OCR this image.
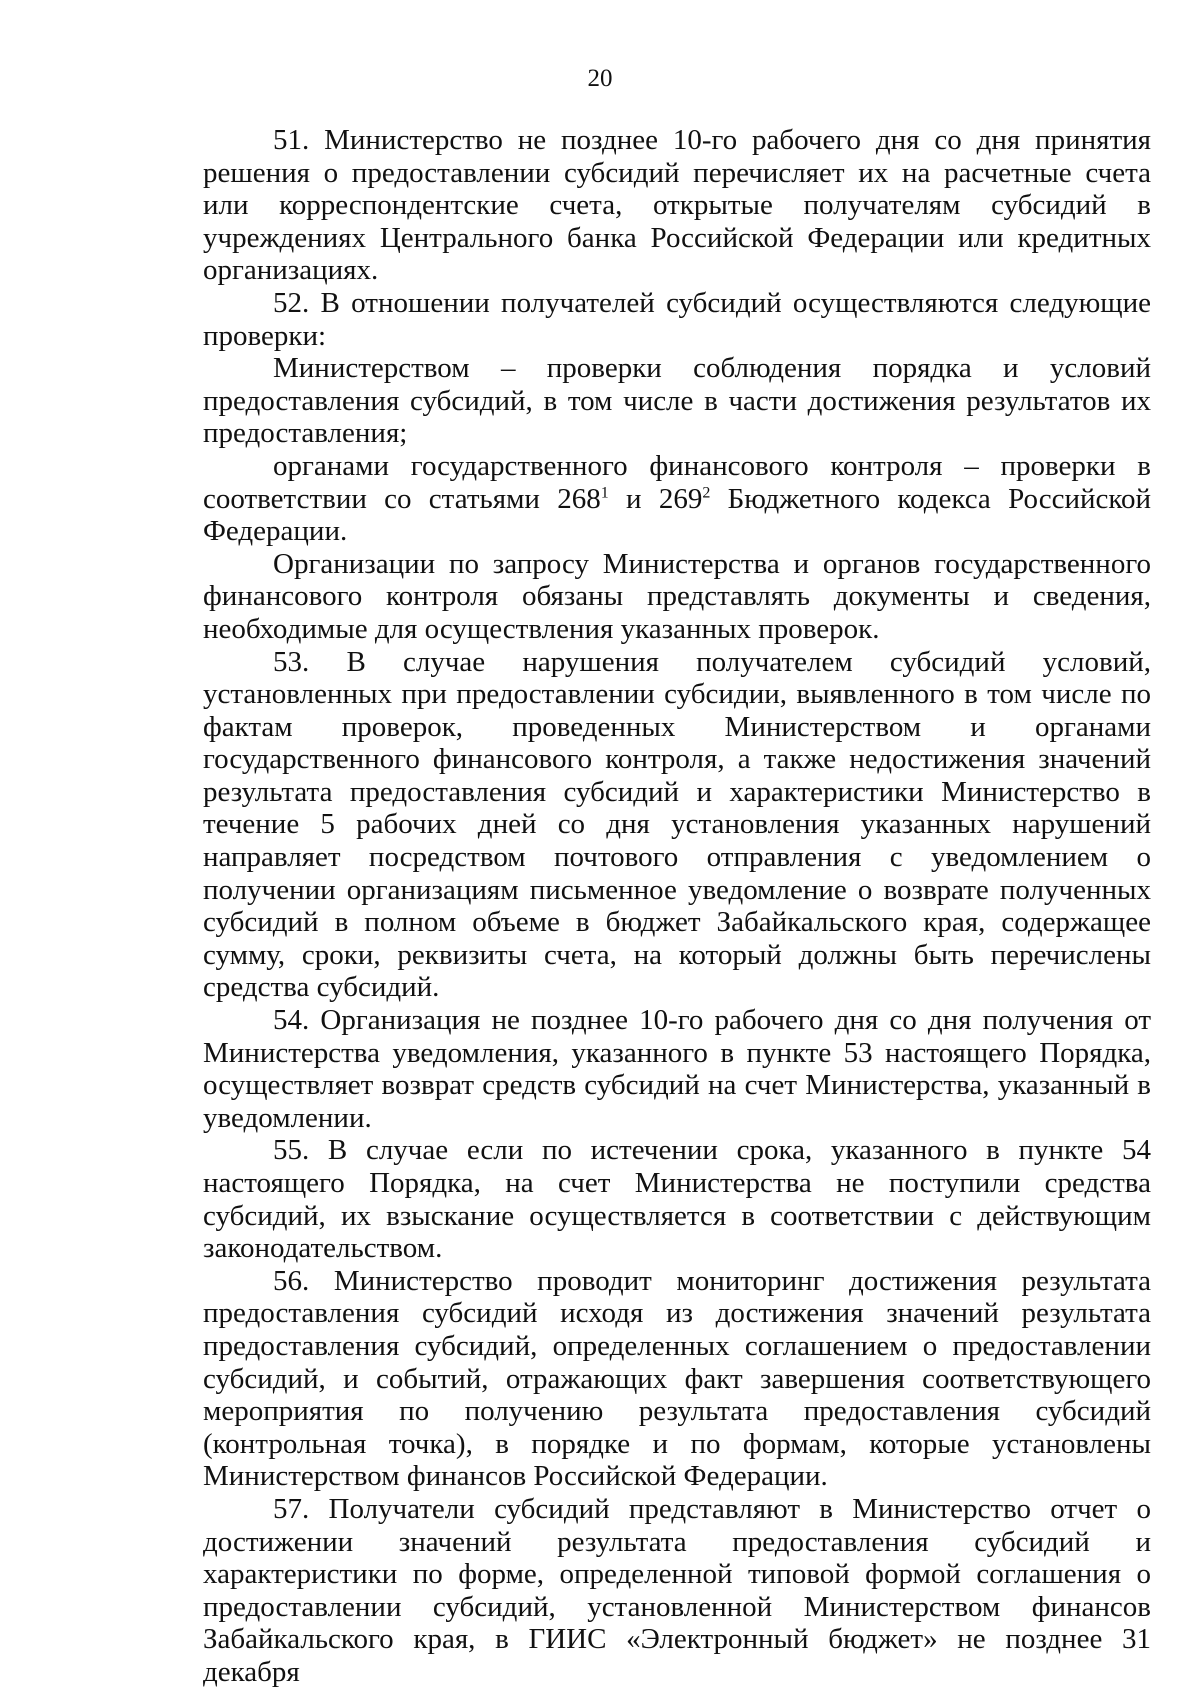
20

51. Министерство не позднее 10-го рабочего дня со дня принятия решения о предоставлении субсидий перечисляет их на расчетные счета или корреспондентские счета, открытые получателям субсидий в учреждениях Центрального банка Российской Федерации или кредитных организациях.

52. В отношении получателей субсидий осуществляются следующие проверки:

Министерством – проверки соблюдения порядка и условий предоставления субсидий, в том числе в части достижения результатов их предоставления;

органами государственного финансового контроля – проверки в соответствии со статьями $268^1$ и $269^2$ Бюджетного кодекса Российской Федерации.

Организации по запросу Министерства и органов государственного финансового контроля обязаны представлять документы и сведения, необходимые для осуществления указанных проверок.

53. В случае нарушения получателем субсидий условий, установленных при предоставлении субсидии, выявленного в том числе по фактам проверок, проведенных Министерством и органами государственного финансового контроля, а также недостижения значений результата предоставления субсидий и характеристики Министерство в течение 5 рабочих дней со дня установления указанных нарушений направляет посредством почтового отправления с уведомлением о получении организациям письменное уведомление о возврате полученных субсидий в полном объеме в бюджет Забайкальского края, содержащее сумму, сроки, реквизиты счета, на который должны быть перечислены средства субсидий.

54. Организация не позднее 10-го рабочего дня со дня получения от Министерства уведомления, указанного в пункте 53 настоящего Порядка, осуществляет возврат средств субсидий на счет Министерства, указанный в уведомлении.

55. В случае если по истечении срока, указанного в пункте 54 настоящего Порядка, на счет Министерства не поступили средства субсидий, их взыскание осуществляется в соответствии с действующим законодательством.

56. Министерство проводит мониторинг достижения результата предоставления субсидий исходя из достижения значений результата предоставления субсидий, определенных соглашением о предоставлении субсидий, и событий, отражающих факт завершения соответствующего мероприятия по получению результата предоставления субсидий (контрольная точка), в порядке и по формам, которые установлены Министерством финансов Российской Федерации.

57. Получатели субсидий представляют в Министерство отчет о достижении значений результата предоставления субсидий и характеристики по форме, определенной типовой формой соглашения о предоставлении субсидий, установленной Министерством финансов Забайкальского края, в ГИИС «Электронный бюджет» не позднее 31 декабря
